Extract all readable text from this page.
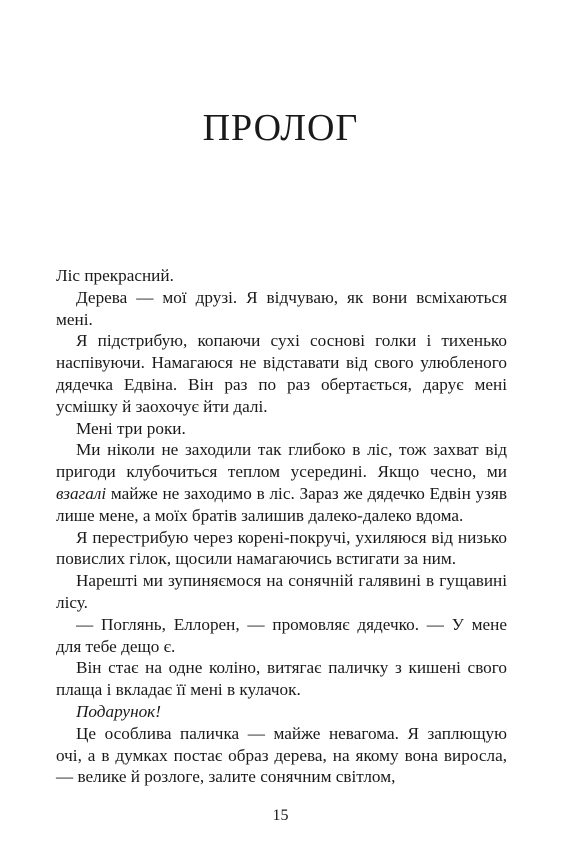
ПРОЛОГ

Ліс прекрасний.

Дерева — мої друзі. Я відчуваю, як вони всміхаються мені.

Я підстрибую, копаючи сухі соснові голки і тихенько наспівуючи. Намагаюся не відставати від свого улюбленого дядечка Едвіна. Він раз по раз обертається, дарує мені усмішку й заохочує йти далі.

Мені три роки.

Ми ніколи не заходили так глибоко в ліс, тож захват від пригоди клубочиться теплом усередині. Якщо чесно, ми взагалі майже не заходимо в ліс. Зараз же дядечко Едвін узяв лише мене, а моїх братів залишив далеко-далеко вдома.

Я перестрибую через корені-покручі, ухиляюся від низько повислих гілок, щосили намагаючись встигати за ним.

Нарешті ми зупиняємося на сонячній галявині в гущавині лісу.

— Поглянь, Еллорен, — промовляє дядечко. — У мене для тебе дещо є.

Він стає на одне коліно, витягає паличку з кишені свого плаща і вкладає її мені в кулачок.

Подарунок!

Це особлива паличка — майже невагома. Я заплющую очі, а в думках постає образ дерева, на якому вона виросла, — велике й розлоге, залите сонячним світлом,

15
